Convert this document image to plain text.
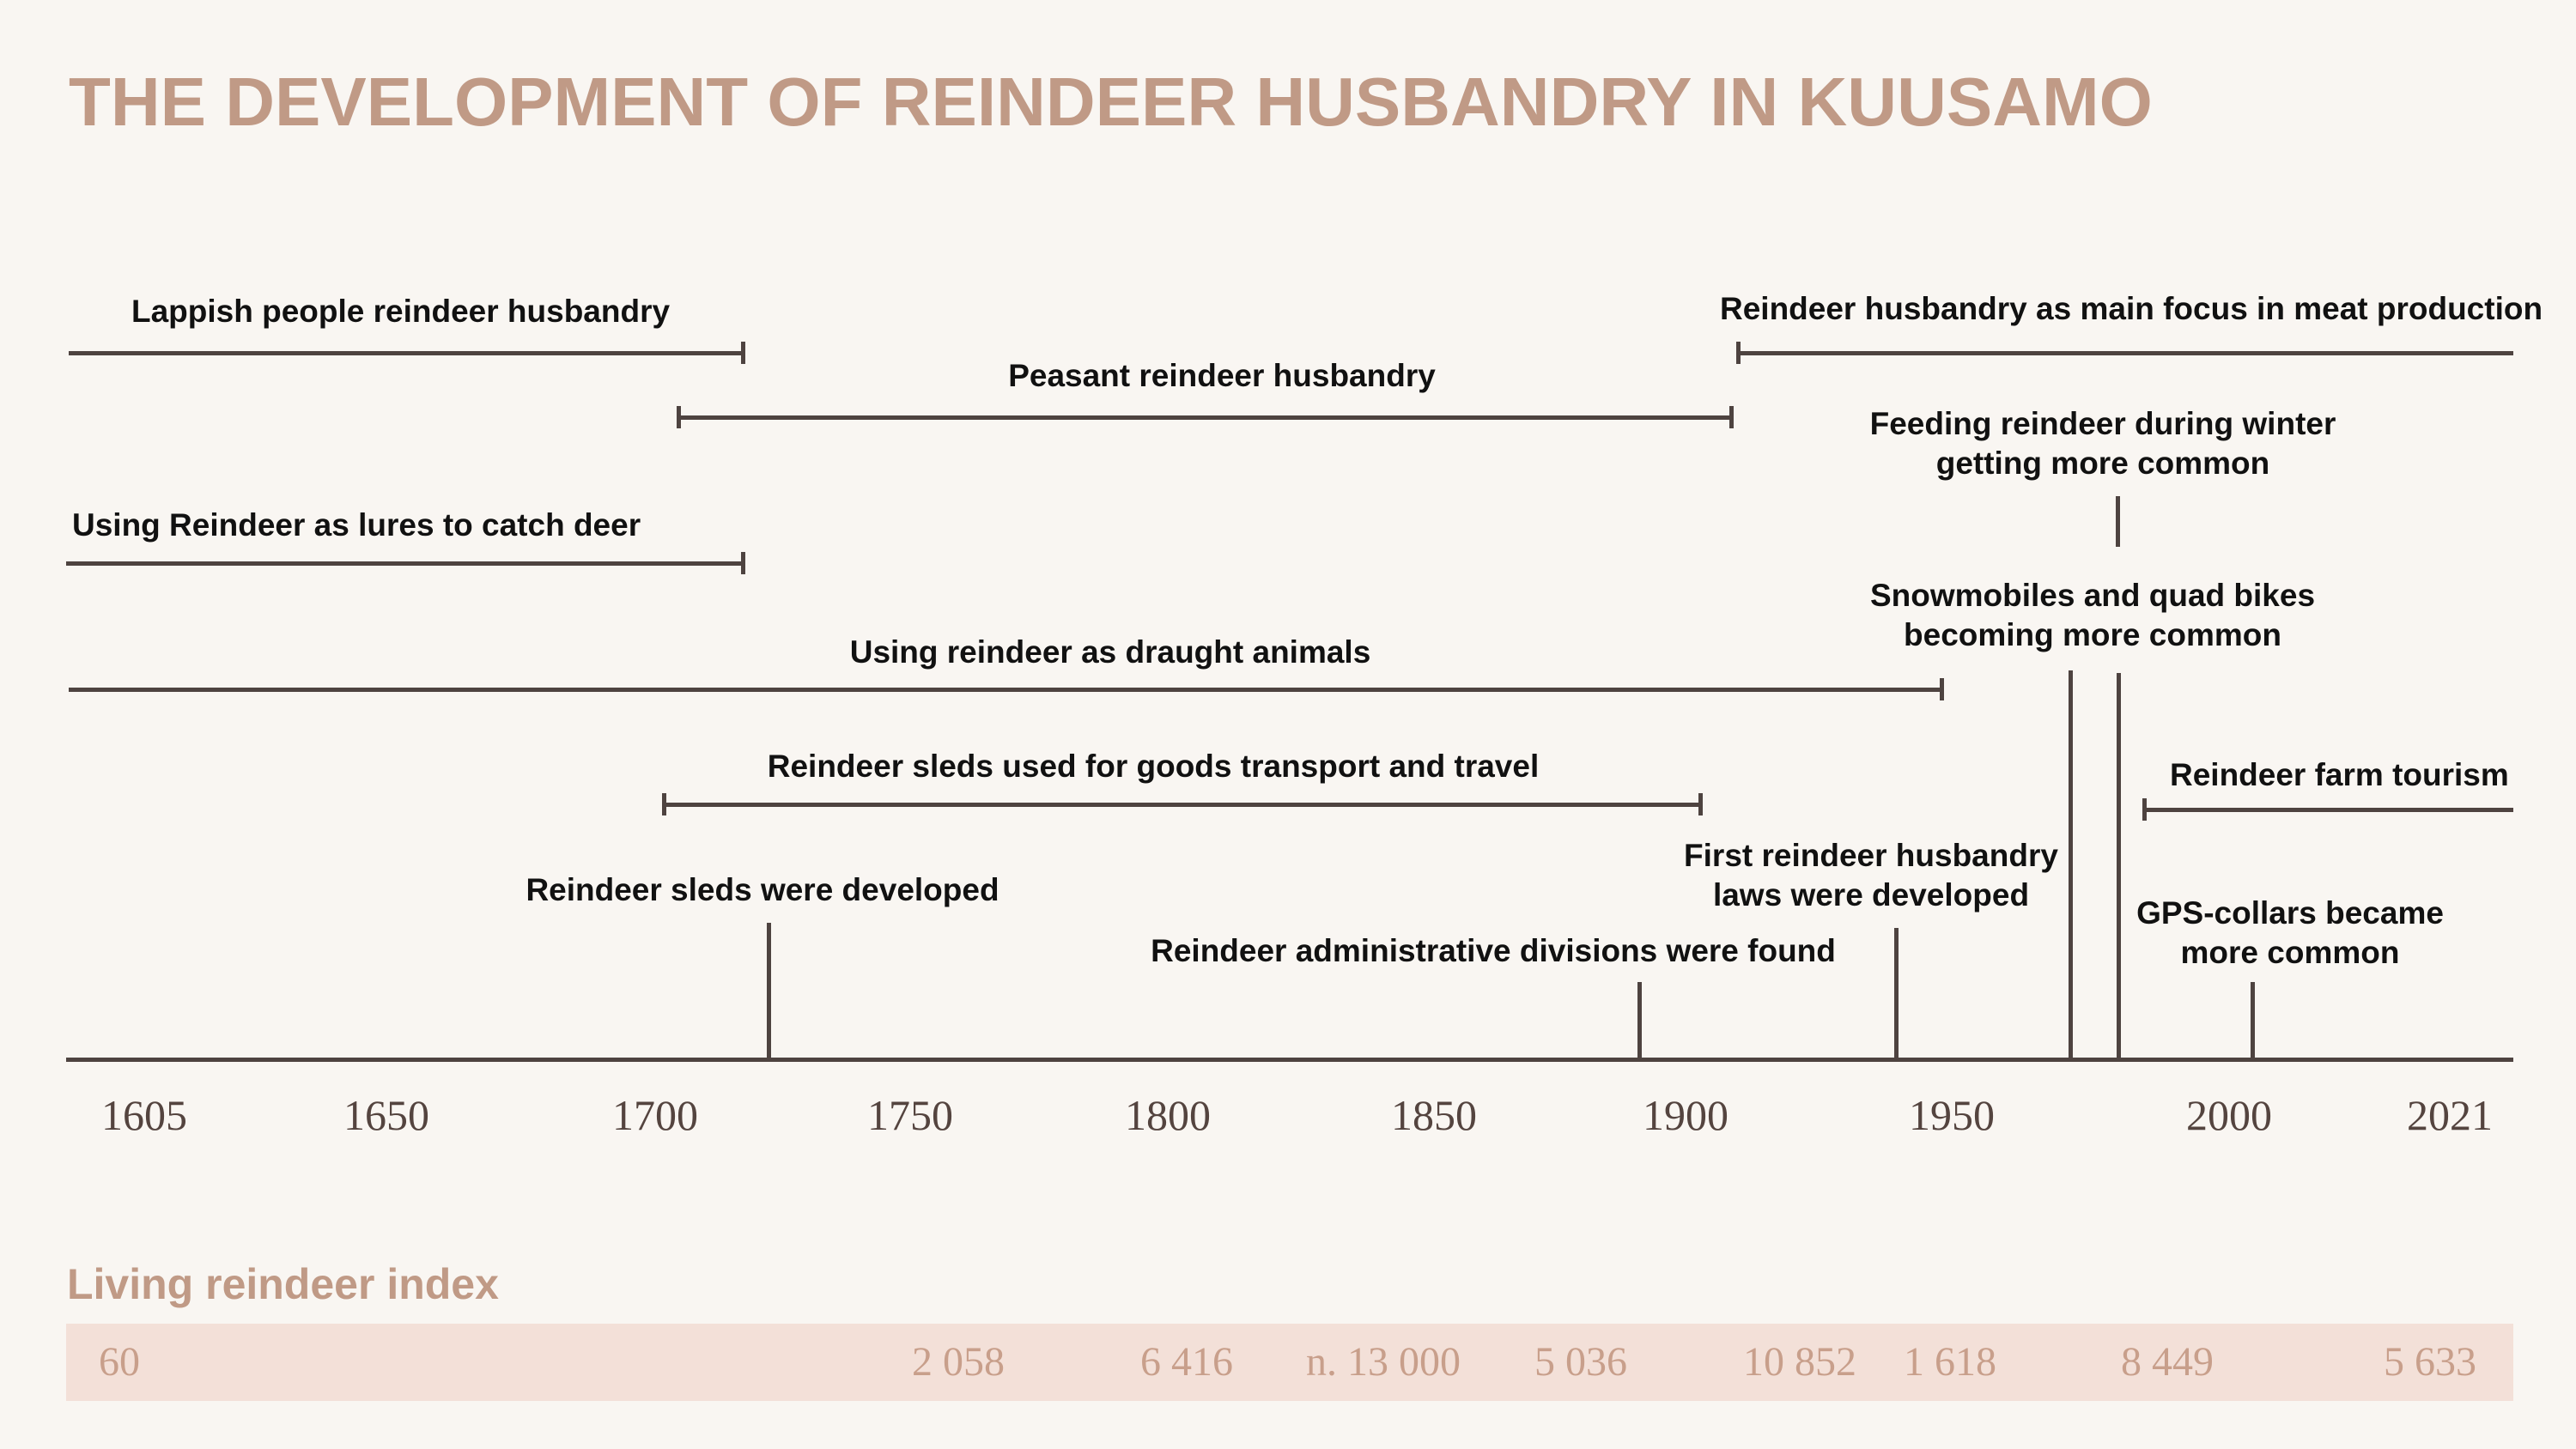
THE DEVELOPMENT OF REINDEER HUSBANDRY IN KUUSAMO
Lappish people reindeer husbandry
Peasant reindeer husbandry
Using Reindeer as lures to catch deer
Using reindeer as draught animals
Reindeer sleds used for goods transport and travel
Reindeer husbandry as main focus in meat production
Reindeer farm tourism
Reindeer sleds were developed
Reindeer administrative divisions were found
First reindeer husbandry
laws were developed
Snowmobiles and quad bikes
becoming more common
Feeding reindeer during winter
getting more common
GPS-collars became
more common
1605	1650	1700	1750	1800	1850	1900	1950	2000	2021
Living reindeer index
60	2 058	6 416 n. 13 000 5 036	10 852 1 618	8 449	5 633
